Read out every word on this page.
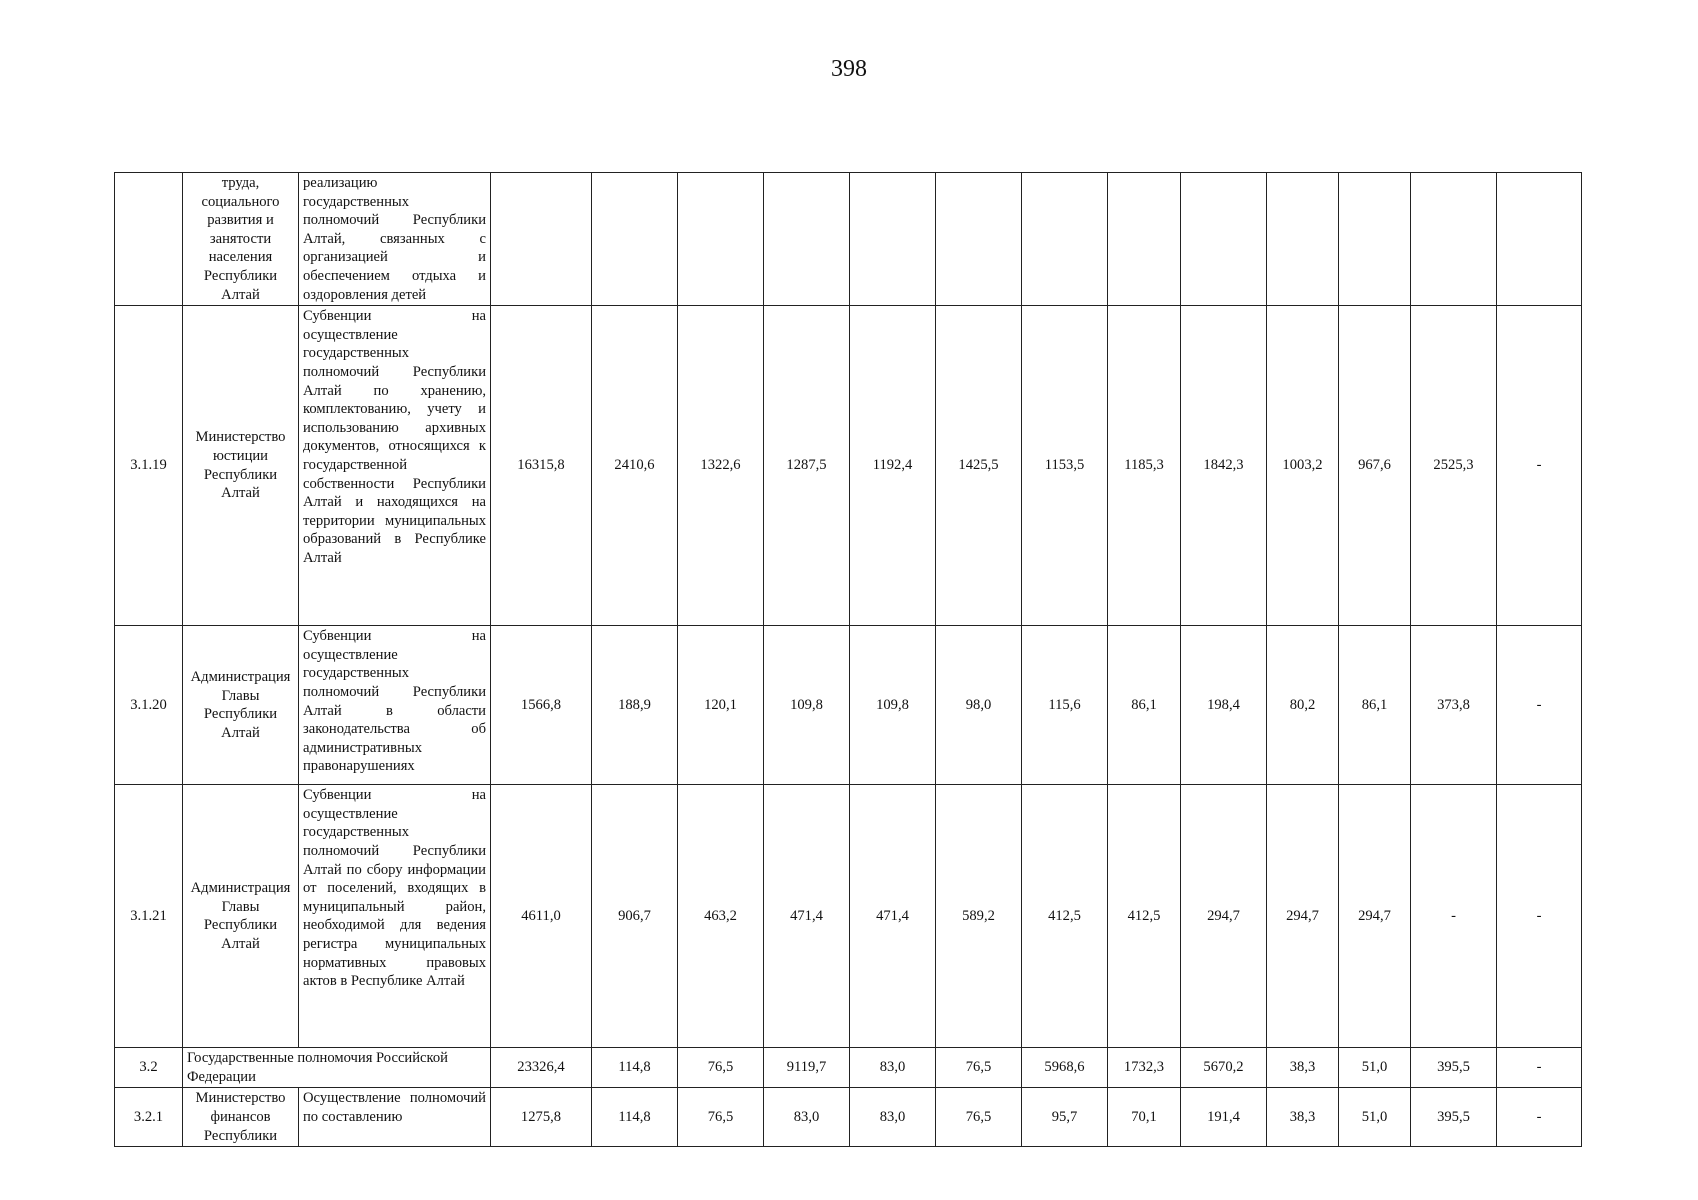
398
	труда, социального развития и занятости населения Республики Алтай	реализацию государственных полномочий Республики Алтай, связанных с организацией и обеспечением отдыха и оздоровления детей													
3.1.19	Министерство юстиции Республики Алтай	Субвенции на осуществление государственных полномочий Республики Алтай по хранению, комплектованию, учету и использованию архивных документов, относящихся к государственной собственности Республики Алтай и находящихся на территории муниципальных образований в Республике Алтай	16315,8	2410,6	1322,6	1287,5	1192,4	1425,5	1153,5	1185,3	1842,3	1003,2	967,6	2525,3	-
3.1.20	Администрация Главы Республики Алтай	Субвенции на осуществление государственных полномочий Республики Алтай в области законодательства об административных правонарушениях	1566,8	188,9	120,1	109,8	109,8	98,0	115,6	86,1	198,4	80,2	86,1	373,8	-
3.1.21	Администрация Главы Республики Алтай	Субвенции на осуществление государственных полномочий Республики Алтай по сбору информации от поселений, входящих в муниципальный район, необходимой для ведения регистра муниципальных нормативных правовых актов в Республике Алтай	4611,0	906,7	463,2	471,4	471,4	589,2	412,5	412,5	294,7	294,7	294,7	-	-
3.2	Государственные полномочия Российской Федерации		23326,4	114,8	76,5	9119,7	83,0	76,5	5968,6	1732,3	5670,2	38,3	51,0	395,5	-
3.2.1	Министерство финансов Республики	Осуществление полномочий по составлению	1275,8	114,8	76,5	83,0	83,0	76,5	95,7	70,1	191,4	38,3	51,0	395,5	-
